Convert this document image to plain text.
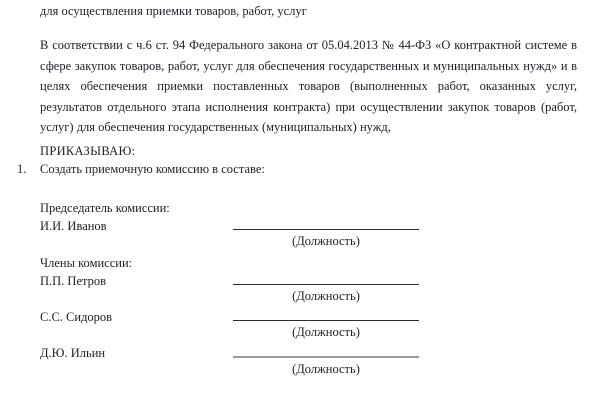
для осуществления приемки товаров, работ, услуг

В соответствии с ч.6 ст. 94 Федерального закона от 05.04.2013 № 44-ФЗ «О контрактной системе в сфере закупок товаров, работ, услуг для обеспечения государственных и муниципальных нужд» и в целях обеспечения приемки поставленных товаров (выполненных работ, оказанных услуг, результатов отдельного этапа исполнения контракта) при осуществлении закупок товаров (работ, услуг) для обеспечения государственных (муниципальных) нужд,

ПРИКАЗЫВАЮ:
1.	Создать приемочную комиссию в составе:
Председатель комиссии:
И.И. Иванов
(Должность)
Члены комиссии:
П.П. Петров
(Должность)
С.С. Сидоров
(Должность)
Д.Ю. Ильин
(Должность)
